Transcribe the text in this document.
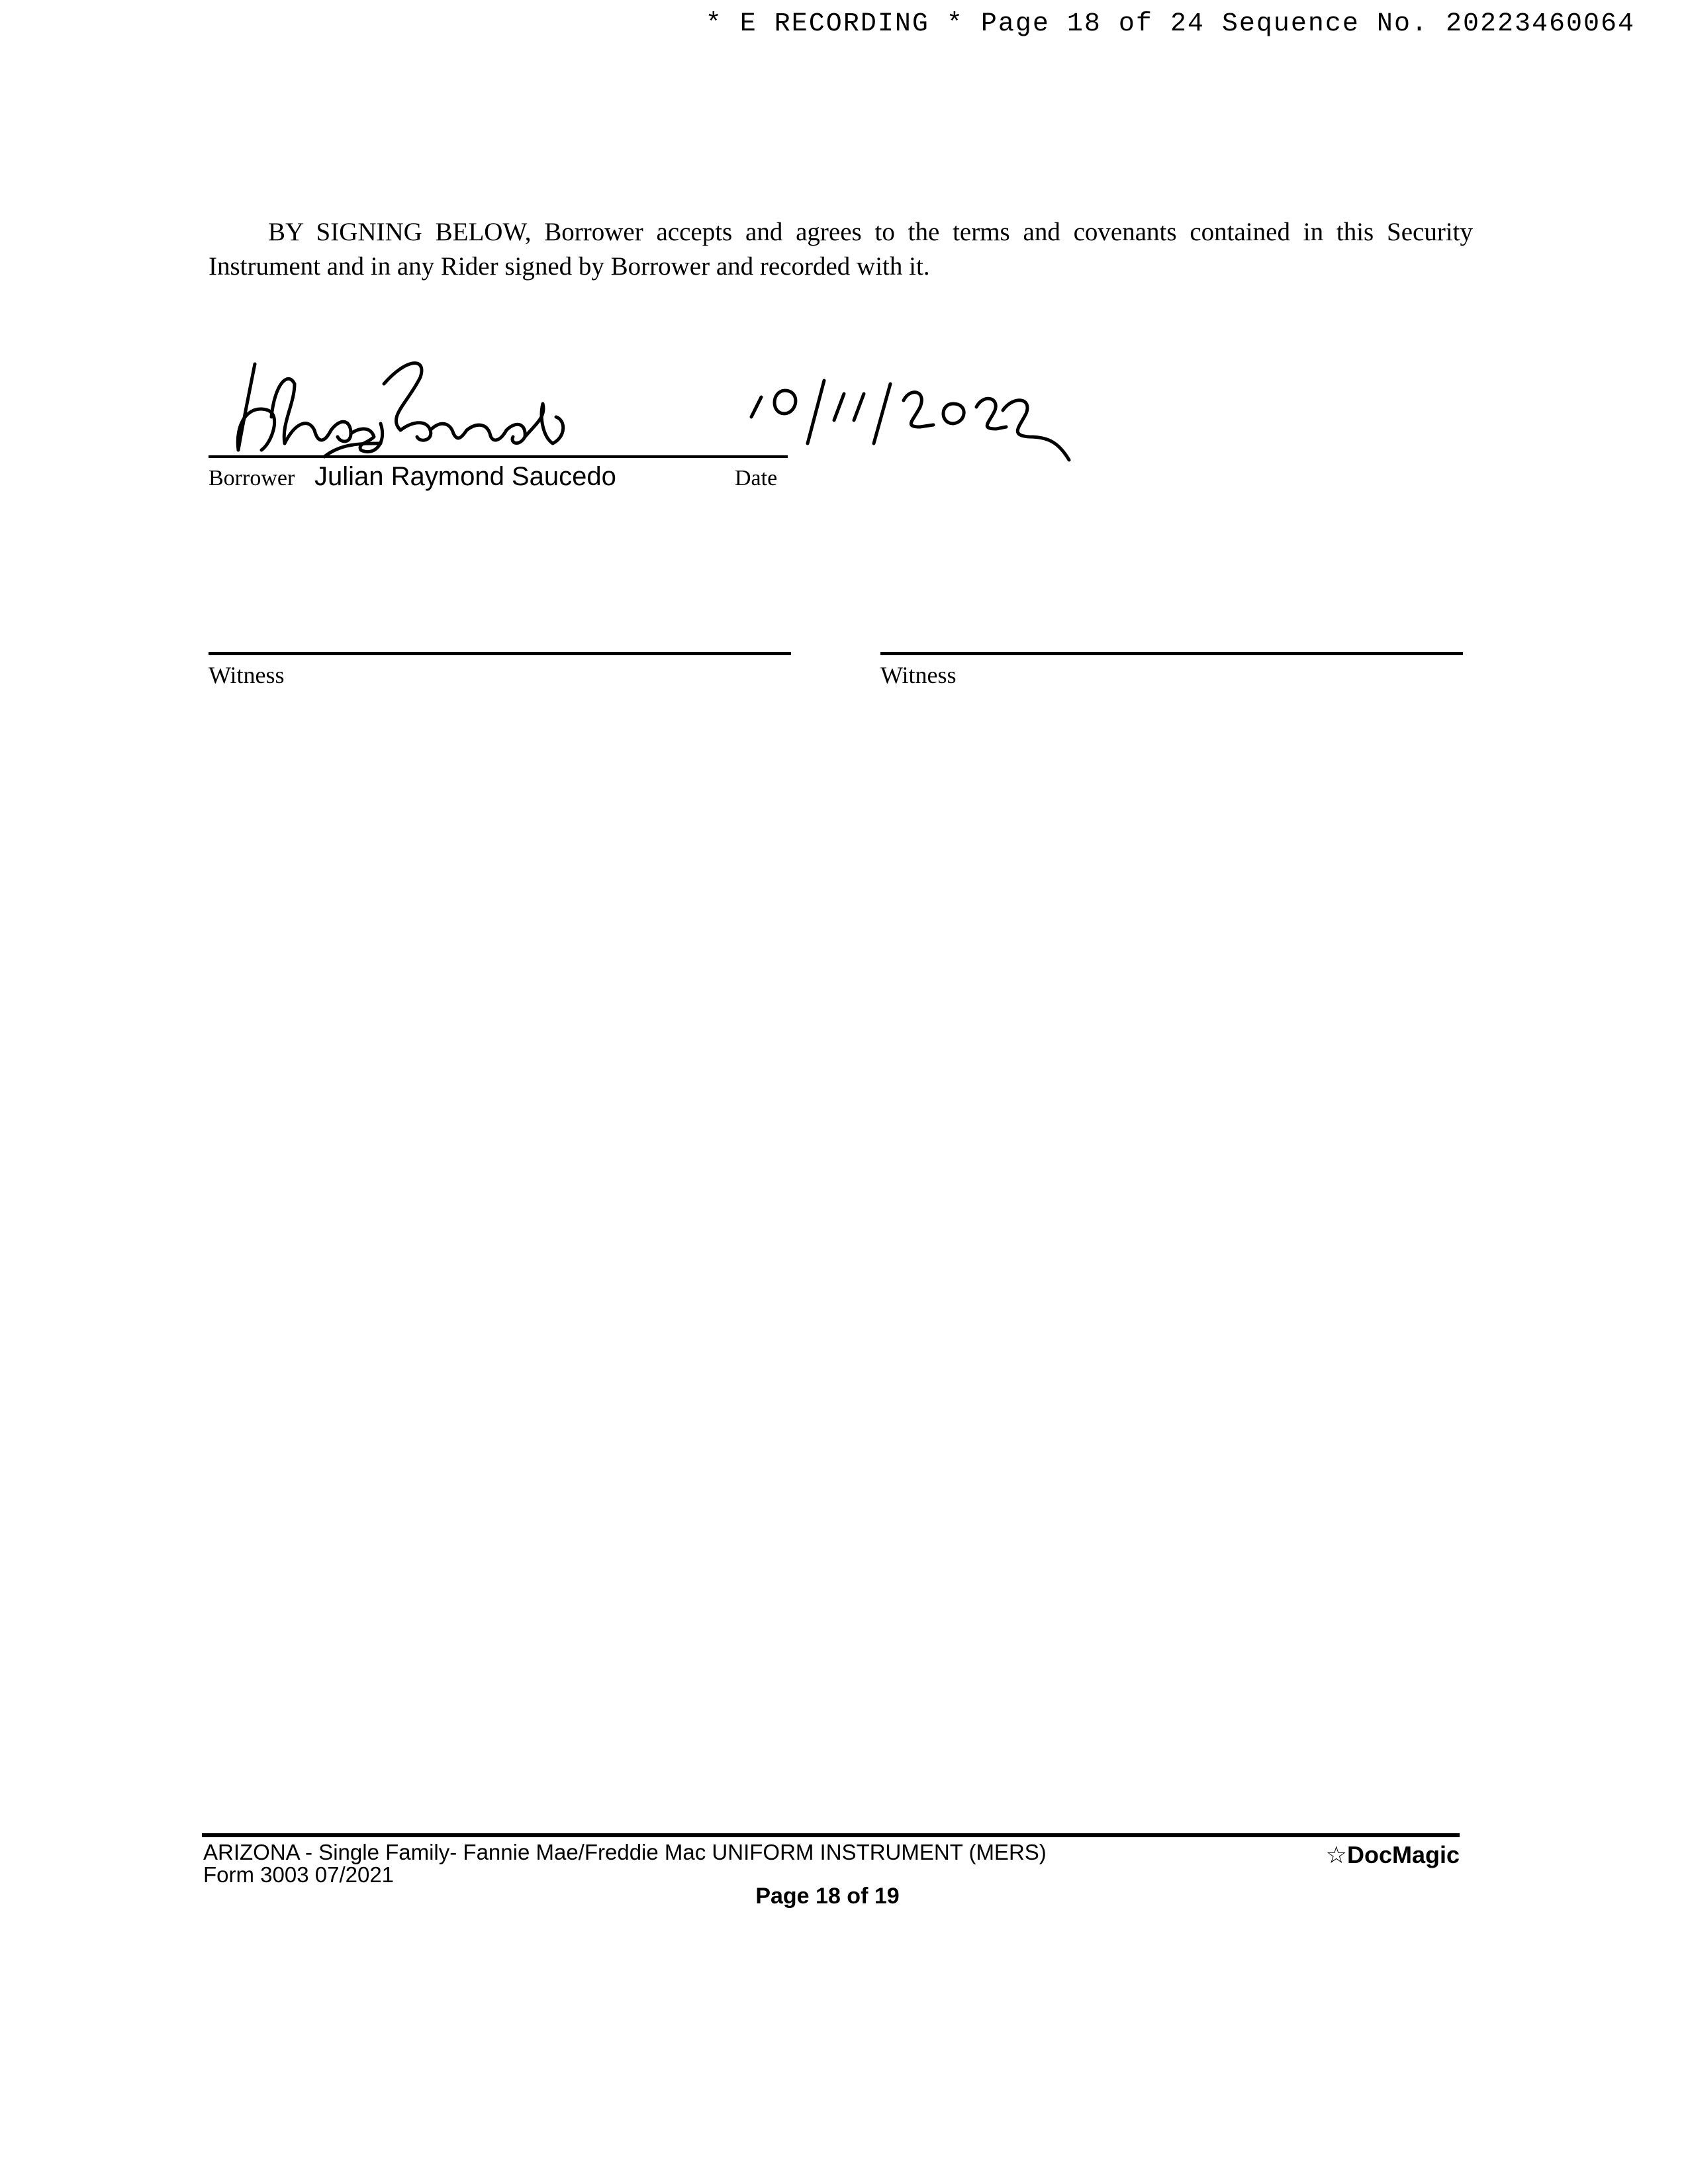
* E RECORDING * Page 18 of 24 Sequence No. 20223460064
BY SIGNING BELOW, Borrower accepts and agrees to the terms and covenants contained in this Security Instrument and in any Rider signed by Borrower and recorded with it.
Borrower Julian Raymond Saucedo	Date
Witness	Witness
ARIZONA - Single Family- Fannie Mae/Freddie Mac UNIFORM INSTRUMENT (MERS)
Form 3003 07/2021
☆DocMagic
Page 18 of 19
